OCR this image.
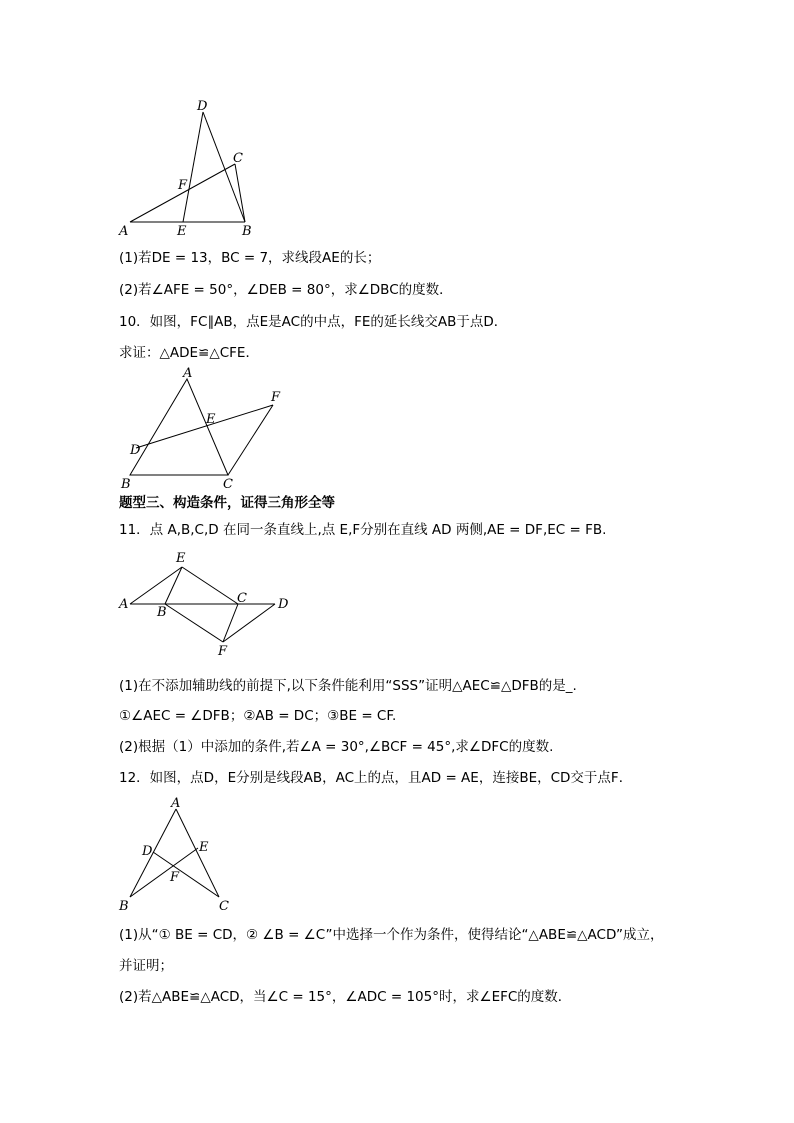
D
C
F
A	E	B
(1)若DE = 13，BC = 7，求线段AE的长；
(2)若∠AFE = 50°，∠DEB = 80°，求∠DBC的度数．
10．如图，FC∥AB，点E是AC的中点，FE的延长线交AB于点D．
求证：△ADE≌△CFE．
A
F
E
D
B	C
题型三、构造条件，证得三角形全等
11．点 A,B,C,D 在同一条直线上,点 E,F分别在直线 AD 两侧,AE = DF,EC = FB.
E
A	C D
B
F
(1)在不添加辅助线的前提下,以下条件能利用“SSS”证明△AEC≌△DFB的是_.
①∠AEC = ∠DFB；②AB = DC；③BE = CF.
(2)根据（1）中添加的条件,若∠A = 30°,∠BCF = 45°,求∠DFC的度数.
12．如图，点D，E分别是线段AB，AC上的点，且AD = AE，连接BE，CD交于点F．
A
D	E
F
B	C
(1)从“① BE = CD，② ∠B = ∠C”中选择一个作为条件，使得结论“△ABE≌△ACD”成立，
并证明；
(2)若△ABE≌△ACD，当∠C = 15°，∠ADC = 105°时，求∠EFC的度数．
